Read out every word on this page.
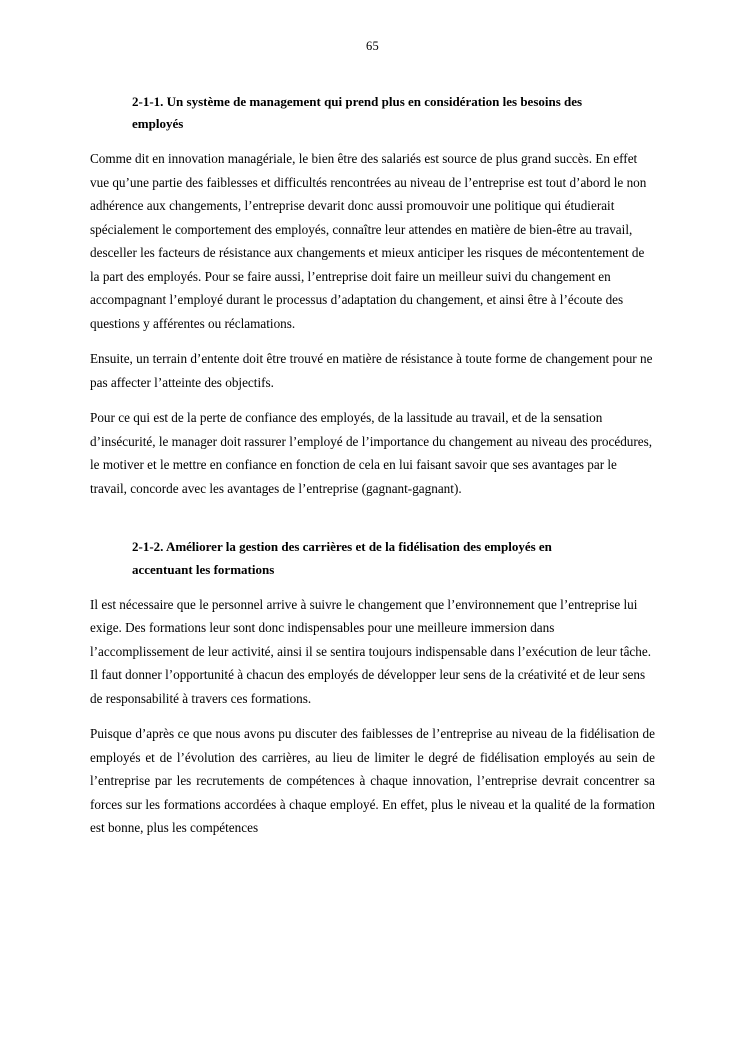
65
2-1-1. Un système de management qui prend plus en considération les besoins des
employés

Comme dit en innovation managériale, le bien être des salariés est source de plus grand succès. En effet vue qu’une partie des faiblesses et difficultés rencontrées au niveau de l’entreprise est tout d’abord le non adhérence aux changements, l’entreprise devarit donc aussi promouvoir une politique qui étudierait spécialement le comportement des employés, connaître leur attendes en matière de bien-être au travail, desceller les facteurs de résistance aux changements et mieux anticiper les risques de mécontentement de la part des employés. Pour se faire aussi, l’entreprise doit faire un meilleur suivi du changement en accompagnant l’employé durant le processus d’adaptation du changement, et ainsi être à l’écoute des questions y afférentes ou réclamations.

Ensuite, un terrain d’entente doit être trouvé en matière de résistance à toute forme de changement pour ne pas affecter l’atteinte des objectifs.

Pour ce qui est de la perte de confiance des employés, de la lassitude au travail, et de la sensation d’insécurité, le manager doit rassurer l’employé de l’importance du changement au niveau des procédures, le motiver et le mettre en confiance en fonction de cela en lui faisant savoir que ses avantages par le travail, concorde avec les avantages de l’entreprise (gagnant-gagnant).

2-1-2. Améliorer la gestion des carrières et de la fidélisation des employés en
accentuant les formations

Il est nécessaire que le personnel arrive à suivre le changement que l’environnement que l’entreprise lui exige. Des formations leur sont donc indispensables pour une meilleure immersion dans l’accomplissement de leur activité, ainsi il se sentira toujours indispensable dans l’exécution de leur tâche. Il faut donner l’opportunité à chacun des employés de développer leur sens de la créativité et de leur sens de responsabilité à travers ces formations.

Puisque d’après ce que nous avons pu discuter des faiblesses de l’entreprise au niveau de la fidélisation de employés et de l’évolution des carrières, au lieu de limiter le degré de fidélisation employés au sein de l’entreprise par les recrutements de compétences à chaque innovation, l’entreprise devrait concentrer sa forces sur les formations accordées à chaque employé. En effet, plus le niveau et la qualité de la formation est bonne, plus les compétences
